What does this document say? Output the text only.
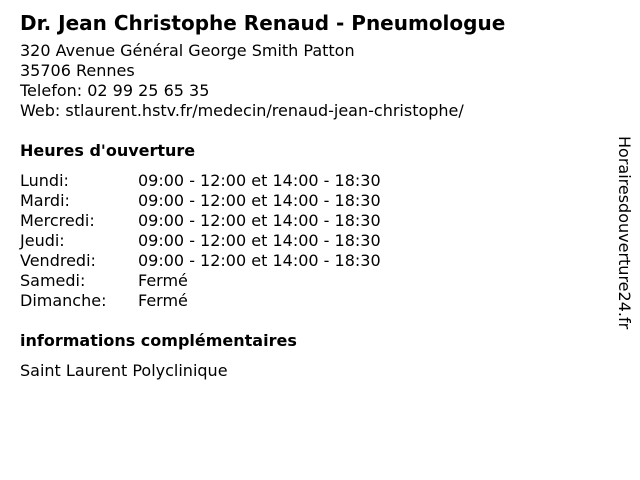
Dr. Jean Christophe Renaud - Pneumologue
320 Avenue Général George Smith Patton
35706 Rennes
Telefon: 02 99 25 65 35
Web: stlaurent.hstv.fr/medecin/renaud-jean-christophe/
Heures d'ouverture
Lundi:	09:00 - 12:00 et 14:00 - 18:30
Mardi:	09:00 - 12:00 et 14:00 - 18:30
Mercredi:	09:00 - 12:00 et 14:00 - 18:30
Jeudi:	09:00 - 12:00 et 14:00 - 18:30
Vendredi:	09:00 - 12:00 et 14:00 - 18:30
Samedi:	Fermé
Dimanche:	Fermé
informations complémentaires
Saint Laurent Polyclinique
Horairesdouverture24.fr
